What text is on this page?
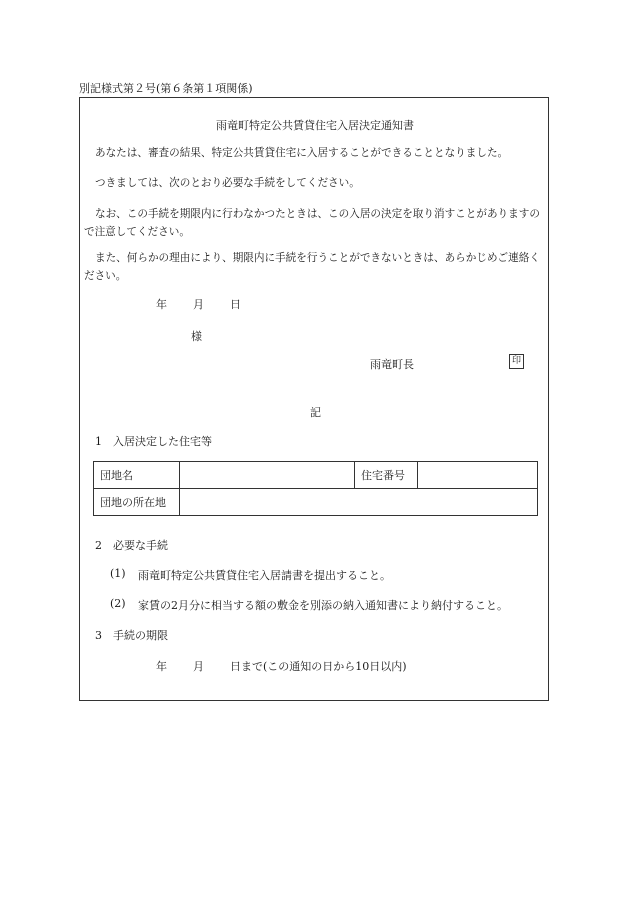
別記様式第２号(第６条第１項関係)
雨竜町特定公共賃貸住宅入居決定通知書
あなたは、審査の結果、特定公共賃貸住宅に入居することができることとなりました。
つきましては、次のとおり必要な手続をしてください。
なお、この手続を期限内に行わなかつたときは、この入居の決定を取り消すことがありますので注意してください。
また、何らかの理由により、期限内に手続を行うことができないときは、あらかじめご連絡ください。
年 月 日
様
雨竜町長	印
記
1　入居決定した住宅等
団地名		住宅番号	
団地の所在地			
2　必要な手続
(1) 雨竜町特定公共賃貸住宅入居請書を提出すること。
(2) 家賃の2月分に相当する額の敷金を別添の納入通知書により納付すること。
3　手続の期限
年 月 日まで(この通知の日から10日以内)
